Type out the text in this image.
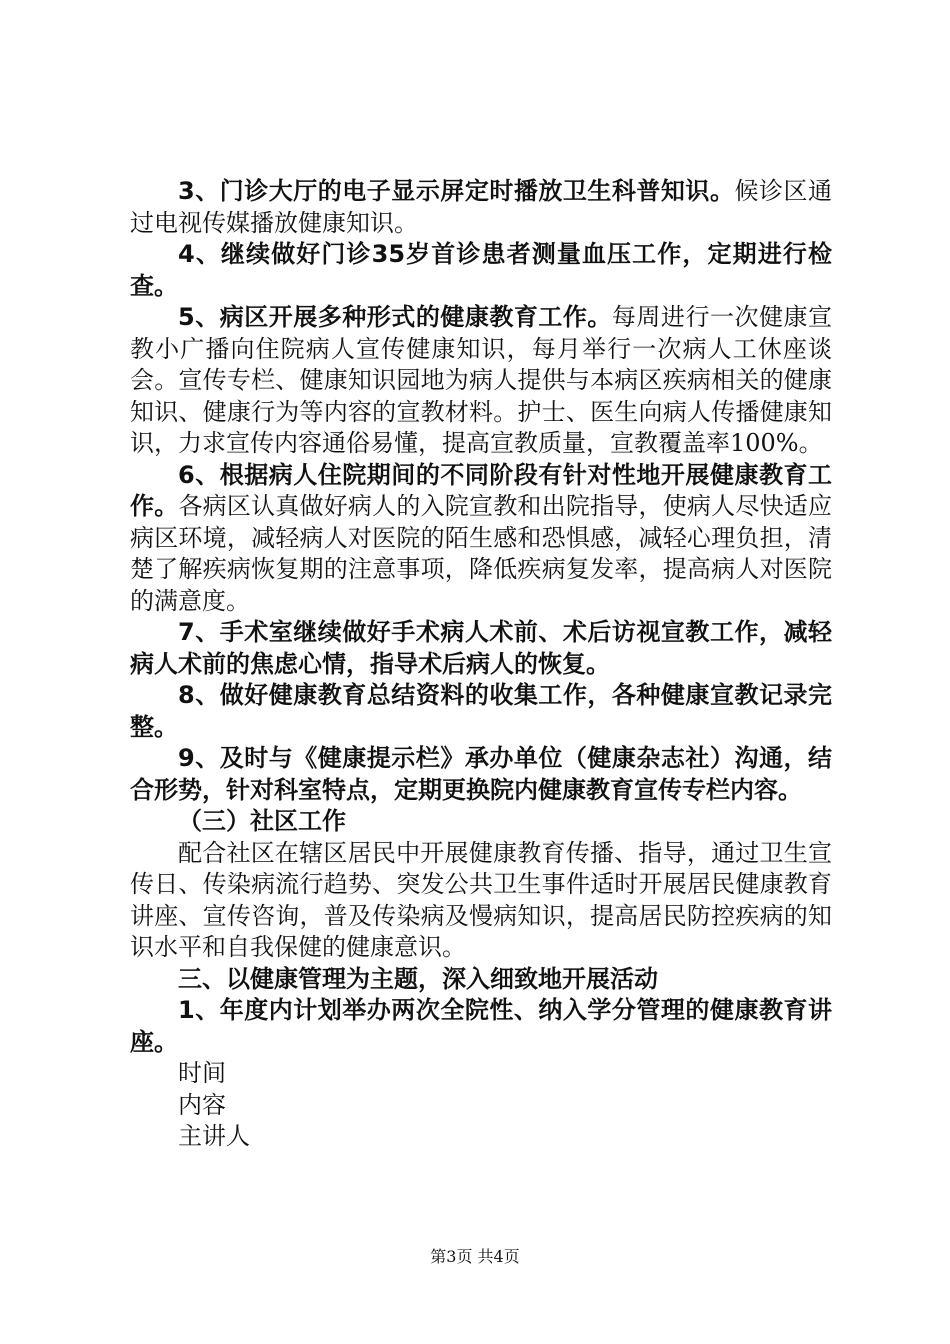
3、门诊大厅的电子显示屏定时播放卫生科普知识。候诊区通过电视传媒播放健康知识。

4、继续做好门诊35岁首诊患者测量血压工作，定期进行检查。

5、病区开展多种形式的健康教育工作。每周进行一次健康宣教小广播向住院病人宣传健康知识，每月举行一次病人工休座谈会。宣传专栏、健康知识园地为病人提供与本病区疾病相关的健康知识、健康行为等内容的宣教材料。护士、医生向病人传播健康知识，力求宣传内容通俗易懂，提高宣教质量，宣教覆盖率100%。

6、根据病人住院期间的不同阶段有针对性地开展健康教育工作。各病区认真做好病人的入院宣教和出院指导，使病人尽快适应病区环境，减轻病人对医院的陌生感和恐惧感，减轻心理负担，清楚了解疾病恢复期的注意事项，降低疾病复发率，提高病人对医院的满意度。

7、手术室继续做好手术病人术前、术后访视宣教工作，减轻病人术前的焦虑心情，指导术后病人的恢复。

8、做好健康教育总结资料的收集工作，各种健康宣教记录完整。

9、及时与《健康提示栏》承办单位（健康杂志社）沟通，结合形势，针对科室特点，定期更换院内健康教育宣传专栏内容。

（三）社区工作

配合社区在辖区居民中开展健康教育传播、指导，通过卫生宣传日、传染病流行趋势、突发公共卫生事件适时开展居民健康教育讲座、宣传咨询，普及传染病及慢病知识，提高居民防控疾病的知识水平和自我保健的健康意识。

三、以健康管理为主题，深入细致地开展活动

1、年度内计划举办两次全院性、纳入学分管理的健康教育讲座。

时间

内容

主讲人

第3页 共4页
